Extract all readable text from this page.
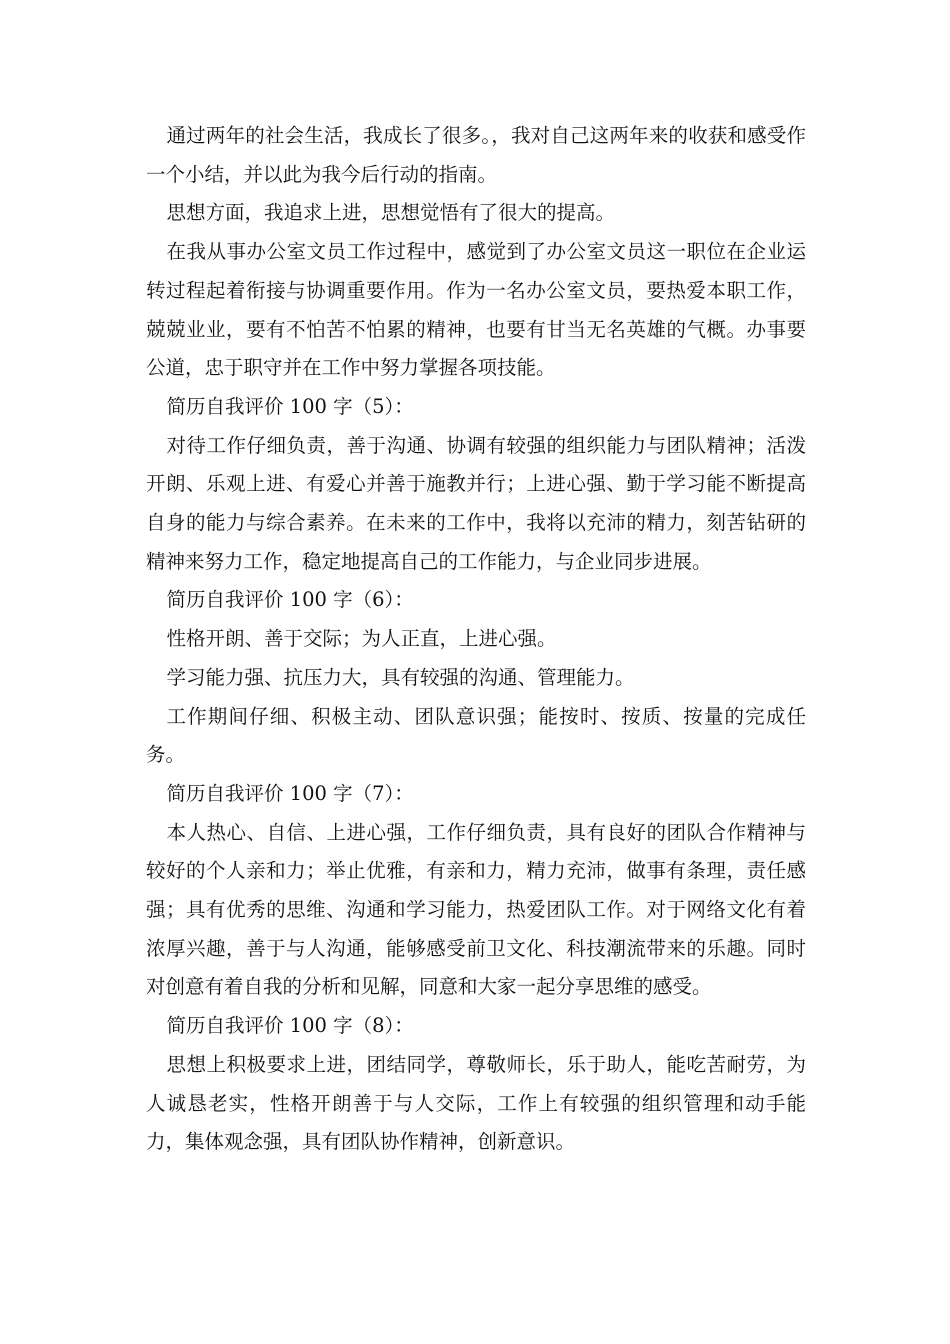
通过两年的社会生活，我成长了很多。，我对自己这两年来的收获和感受作一个小结，并以此为我今后行动的指南。

思想方面，我追求上进，思想觉悟有了很大的提高。

在我从事办公室文员工作过程中，感觉到了办公室文员这一职位在企业运转过程起着衔接与协调重要作用。作为一名办公室文员，要热爱本职工作，兢兢业业，要有不怕苦不怕累的精神，也要有甘当无名英雄的气概。办事要公道，忠于职守并在工作中努力掌握各项技能。

简历自我评价 100 字（5）：

对待工作仔细负责，善于沟通、协调有较强的组织能力与团队精神；活泼开朗、乐观上进、有爱心并善于施教并行；上进心强、勤于学习能不断提高自身的能力与综合素养。在未来的工作中，我将以充沛的精力，刻苦钻研的精神来努力工作，稳定地提高自己的工作能力，与企业同步进展。

简历自我评价 100 字（6）：

性格开朗、善于交际；为人正直，上进心强。

学习能力强、抗压力大，具有较强的沟通、管理能力。

工作期间仔细、积极主动、团队意识强；能按时、按质、按量的完成任务。

简历自我评价 100 字（7）：

本人热心、自信、上进心强，工作仔细负责，具有良好的团队合作精神与较好的个人亲和力；举止优雅，有亲和力，精力充沛，做事有条理，责任感强；具有优秀的思维、沟通和学习能力，热爱团队工作。对于网络文化有着浓厚兴趣，善于与人沟通，能够感受前卫文化、科技潮流带来的乐趣。同时对创意有着自我的分析和见解，同意和大家一起分享思维的感受。

简历自我评价 100 字（8）：

思想上积极要求上进，团结同学，尊敬师长，乐于助人，能吃苦耐劳，为人诚恳老实，性格开朗善于与人交际，工作上有较强的组织管理和动手能力，集体观念强，具有团队协作精神，创新意识。
